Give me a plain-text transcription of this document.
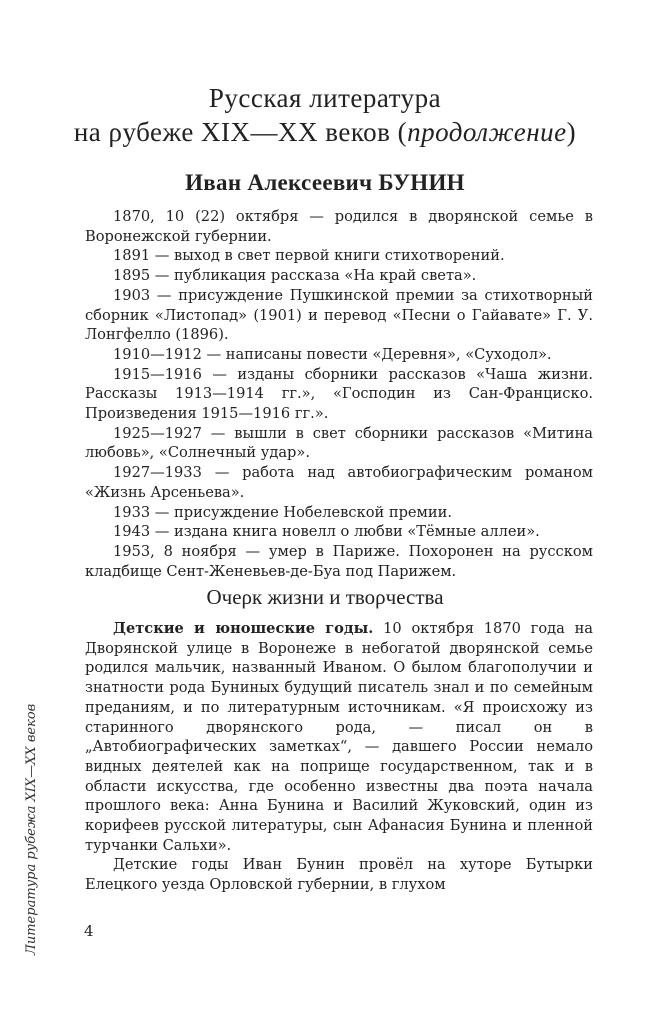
Ρусская литература
на ρубеже XIX—XX веков (продолжение)
Иван Алексеевич БУНИН

1870, 10 (22) октября — родился в дворянской семье в Воронежской губернии.

1891 — выход в свет первой книги стихотворений.

1895 — публикация рассказа «На край света».

1903 — присуждение Пушкинской премии за стихотворный сборник «Листопад» (1901) и перевод «Песни о Гайавате» Г. У. Лонгфелло (1896).

1910—1912 — написаны повести «Деревня», «Суходол».

1915—1916 — изданы сборники рассказов «Чаша жизни. Рассказы 1913—1914 гг.», «Господин из Сан-Франциско. Произведения 1915—1916 гг.».

1925—1927 — вышли в свет сборники рассказов «Митина любовь», «Солнечный удар».

1927—1933 — работа над автобиографическим романом «Жизнь Арсеньева».

1933 — присуждение Нобелевской премии.

1943 — издана книга новелл о любви «Тёмные аллеи».

1953, 8 ноября — умер в Париже. Похоронен на русском кладбище Сент-Женевьев-де-Буа под Парижем.

Очеρк жизни и твоρчества

Детские и юношеские годы. 10 октября 1870 года на Дворянской улице в Воронеже в небогатой дворянской семье родился мальчик, названный Иваном. О былом благополучии и знатности рода Буниных будущий писатель знал и по семейным преданиям, и по литературным источникам. «Я происхожу из старинного дворянского рода, — писал он в „Автобиографических заметках“, — давшего России немало видных деятелей как на поприще государственном, так и в области искусства, где особенно известны два поэта начала прошлого века: Анна Бунина и Василий Жуковский, один из корифеев русской литературы, сын Афанасия Бунина и пленной турчанки Сальхи».

Детские годы Иван Бунин провёл на хуторе Бутырки Елецкого уезда Орловской губернии, в глухом

Литература рубежа XIX—XX веков	4
